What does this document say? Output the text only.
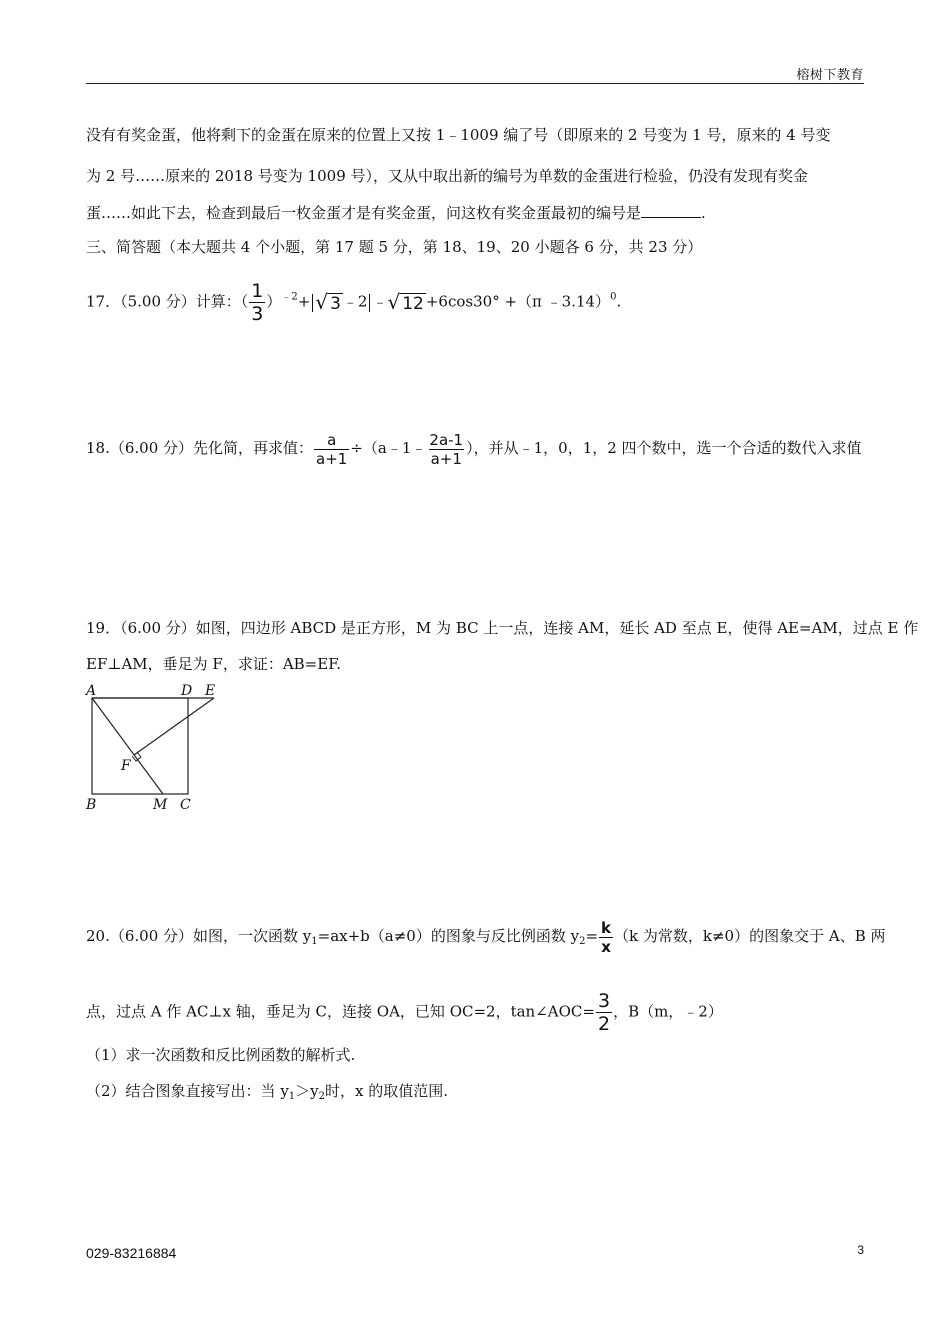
榕树下教育
没有有奖金蛋，他将剩下的金蛋在原来的位置上又按 1﹣1009 编了号（即原来的 2 号变为 1 号，原来的 4 号变
为 2 号……原来的 2018 号变为 1009 号），又从中取出新的编号为单数的金蛋进行检验，仍没有发现有奖金
蛋……如此下去，检查到最后一枚金蛋才是有奖金蛋，问这枚有奖金蛋最初的编号是	.
三、简答题（本大题共 4 个小题，第 17 题 5 分，第 18、19、20 小题各 6 分，共 23 分）
17．（5.00 分）计算：（ $\frac{1}{3} )^{﹣2}+$ √ 3 ﹣2 ﹣√ 12 +6cos30° +（π ﹣3.14）$^0$.
18.（6.00 分）先化简，再求值： $\frac{a}{a+1}$ ÷（a﹣1﹣ $\frac{2a-1}{a+1}$ ），并从﹣1，0，1，2 四个数中，选一个合适的数代入求值
19．（6.00 分）如图，四边形 ABCD 是正方形，M 为 BC 上一点，连接 AM，延长 AD 至点 E，使得 AE=AM，过点 E 作
EF⊥AM，垂足为 F，求证：AB=EF.
A	D E
F
B	M C
20.（6.00 分）如图，一次函数 $y_1=ax+b(a\ne 0)$的图象与反比例函数 $y_2= \frac{k}{x} (k$ 为常数，k≠0）的图象交于 A、B 两
点，过点 A 作 AC⊥x 轴，垂足为 C，连接 OA，已知 OC=2，tan∠AOC= $\frac{3}{2}$ ，B（m，﹣2）
（1）求一次函数和反比例函数的解析式.
（2）结合图象直接写出：当 $y_1>y_2$时，x 的取值范围.
029-83216884	3
